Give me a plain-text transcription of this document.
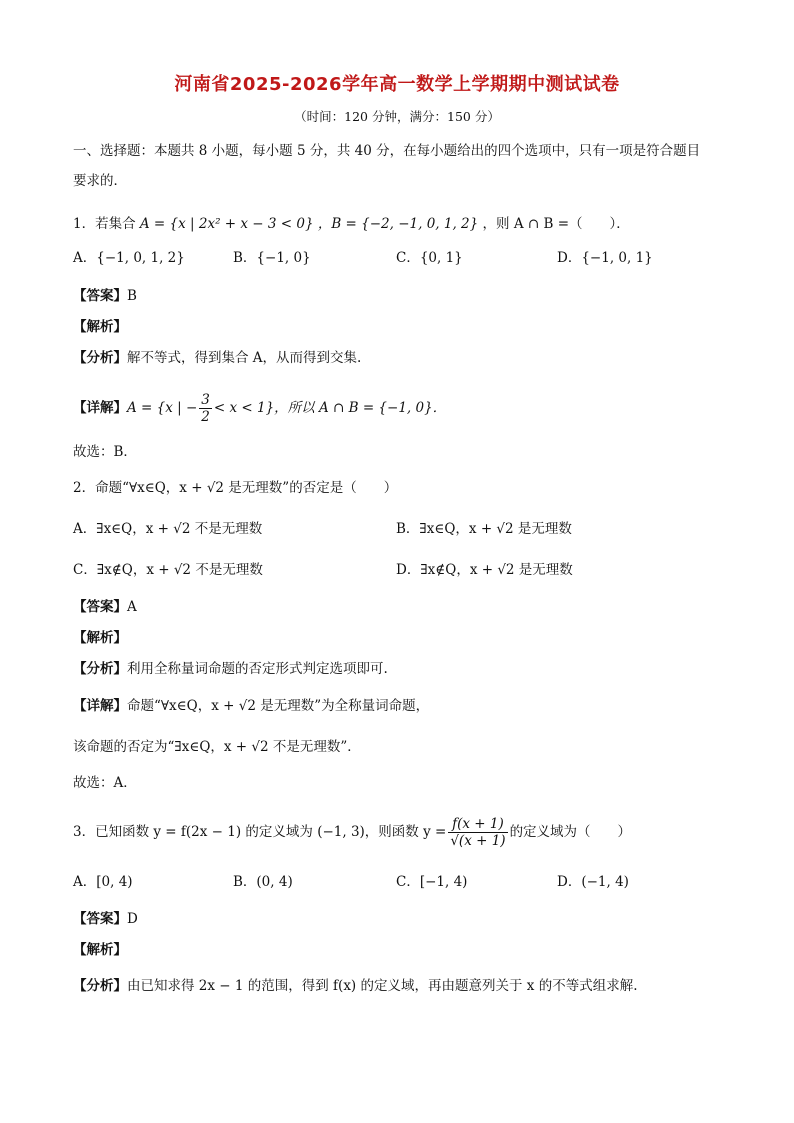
河南省2025-2026学年高一数学上学期期中测试试卷
（时间：120 分钟，满分：150 分）
一、选择题：本题共 8 小题，每小题 5 分，共 40 分，在每小题给出的四个选项中，只有一项是符合题目
要求的．
1．若集合 A = {x | 2x² + x − 3 < 0} ，B = {−2, −1, 0, 1, 2} ，则 A ∩ B =（　　）．
A．{−1, 0, 1, 2}	B．{−1, 0}	C．{0, 1}	D．{−1, 0, 1}
【答案】B
【解析】
【分析】解不等式，得到集合 A，从而得到交集.
【详解】A = {x | − $\frac{3}{2} < x < 1$}，所以 A ∩ B = {−1, 0}．
故选：B．
2．命题“∀x∈Q，x + √2 是无理数”的否定是（　　）
A．∃x∈Q，x + √2 不是无理数	B．∃x∈Q，x + √2 是无理数
C．∃x∉Q，x + √2 不是无理数	D．∃x∉Q，x + √2 是无理数
【答案】A
【解析】
【分析】利用全称量词命题的否定形式判定选项即可.
【详解】命题“∀x∈Q，x + √2 是无理数”为全称量词命题，
该命题的否定为“∃x∈Q，x + √2 不是无理数”．
故选：A．
3．已知函数 y = f(2x − 1) 的定义域为 (−1, 3)，则函数 $y = \frac{f(x + 1)}{√(x + 1)}$ 的定义域为（　　）
A．[0, 4)	B．(0, 4)	C．[−1, 4)	D．(−1, 4)
【答案】D
【解析】
【分析】由已知求得 2x − 1 的范围，得到 f(x) 的定义域，再由题意列关于 x 的不等式组求解.
